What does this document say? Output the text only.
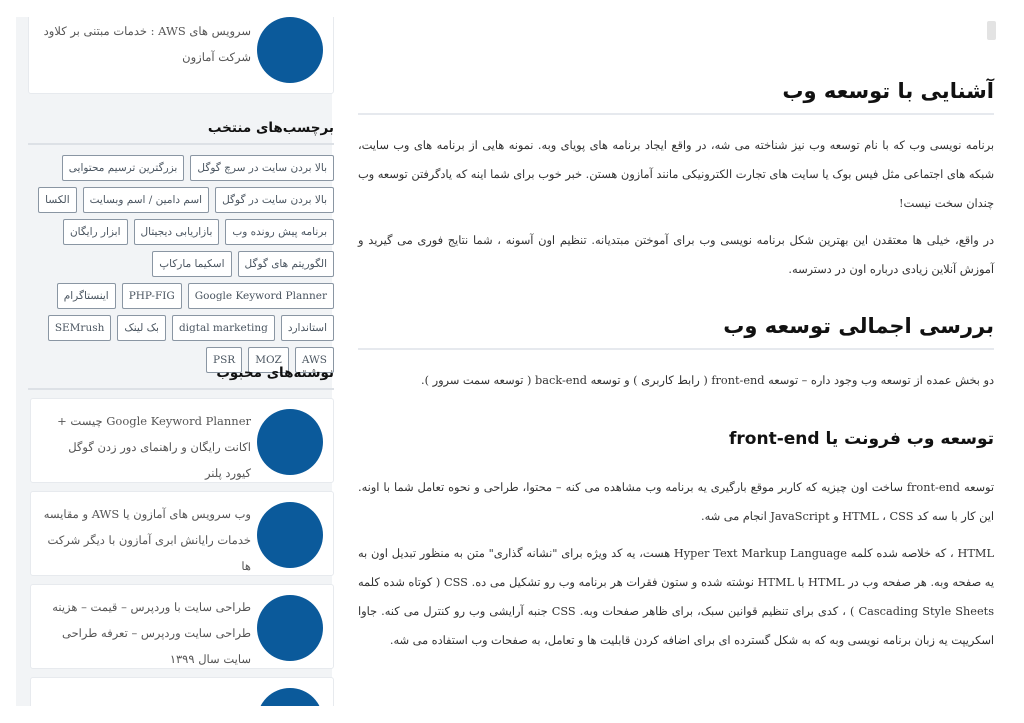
آشنایی با توسعه وب

برنامه نویسی وب که با نام توسعه وب نیز شناخته می شه، در واقع ایجاد برنامه های پویای وبه. نمونه هایی از برنامه های وب سایت، شبکه های اجتماعی مثل فیس بوک یا سایت های تجارت الکترونیکی مانند آمازون هستن. خبر خوب برای شما اینه که یادگرفتن توسعه وب چندان سخت نیست!

در واقع، خیلی ها معتقدن این بهترین شکل برنامه نویسی وب برای آموختن مبتدیانه. تنظیم اون آسونه ، شما نتایج فوری می گیرید و آموزش آنلاین زیادی درباره اون در دسترسه.

بررسی اجمالی توسعه وب

دو بخش عمده از توسعه وب وجود داره – توسعه front-end ( رابط کاربری ) و توسعه back-end ( توسعه سمت سرور ).

توسعه وب فرونت یا front-end

توسعه front-end ساخت اون چیزیه که کاربر موقع بارگیری یه برنامه وب مشاهده می کنه – محتوا، طراحی و نحوه تعامل شما با اونه. این کار با سه کد HTML ، CSS و JavaScript انجام می شه.

HTML ، که خلاصه شده کلمه Hyper Text Markup Language هست، یه کد ویژه برای "نشانه گذاری" متن به منظور تبدیل اون به یه صفحه وبه. هر صفحه وب در HTML با HTML نوشته شده و ستون فقرات هر برنامه وب رو تشکیل می ده. CSS ( کوتاه شده کلمه Cascading Style Sheets ) ، کدی برای تنظیم قوانین سبک، برای ظاهر صفحات وبه. CSS جنبه آرایشی وب رو کنترل می کنه. جاوا اسکریپت یه زبان برنامه نویسی وبه که به شکل گسترده ای برای اضافه کردن قابلیت ها و تعامل، به صفحات وب استفاده می شه.

سرویس های AWS : خدمات مبتنی بر کلاود شرکت آمازون
برچسب‌های منتخب
بالا بردن سایت در سرچ گوگل
بزرگترین ترسیم محتوایی
بالا بردن سایت در گوگل
اسم دامین / اسم وبسایت
الکسا
برنامه پیش رونده وب
بازاریابی دیجیتال
ابزار رایگان
الگوریتم های گوگل
اسکیما مارکاپ
Google Keyword Planner
PHP-FIG
اینستاگرام
استاندارد
digtal marketing
بک لینک
SEMrush
AWS
MOZ
PSR
نوشته‌های محبوب
Google Keyword Planner چیست + اکانت رایگان و راهنمای دور زدن گوگل کیورد پلنر
وب سرویس های آمازون یا AWS و مقایسه خدمات رایانش ابری آمازون با دیگر شرکت ها
طراحی سایت با وردپرس – قیمت – هزینه طراحی سایت وردپرس – تعرفه طراحی سایت سال ۱۳۹۹
